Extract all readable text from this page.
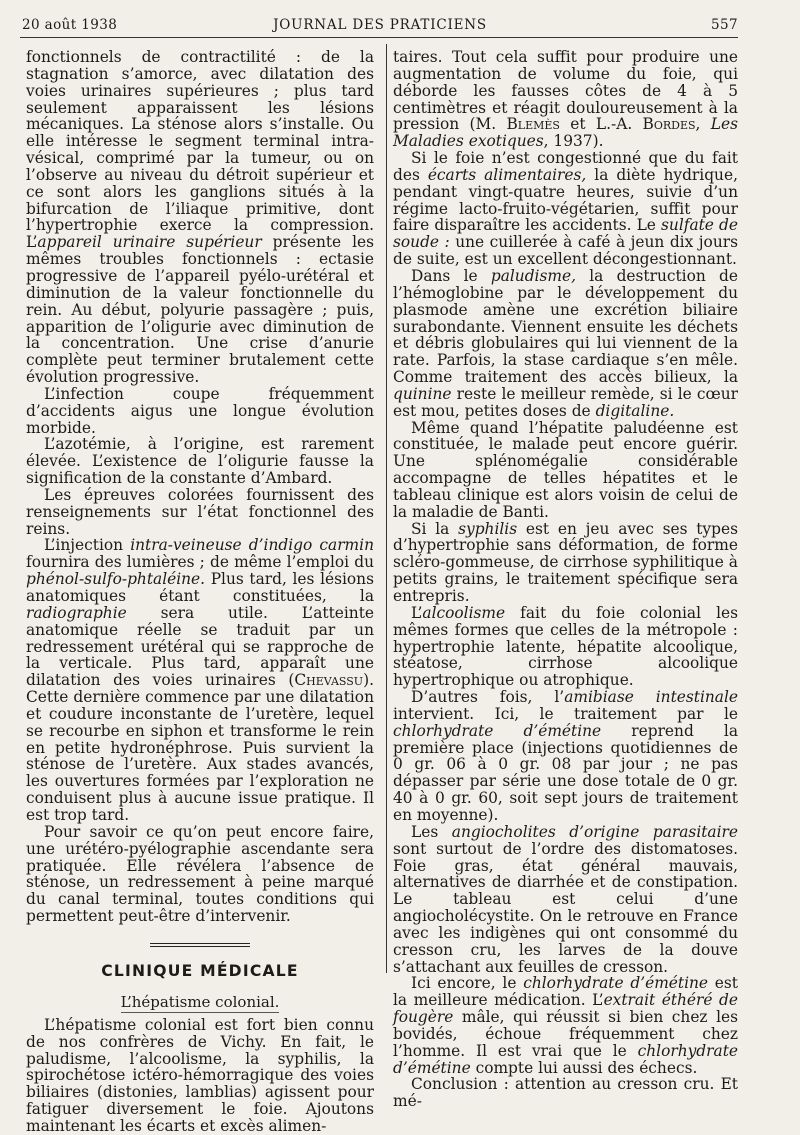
20 août 1938	JOURNAL DES PRATICIENS	557

fonctionnels de contractilité : de la stagnation s’amorce, avec dilatation des voies urinaires supérieures ; plus tard seulement apparaissent les lésions mécaniques. La sténose alors s’installe. Ou elle intéresse le segment terminal intra-vésical, comprimé par la tumeur, ou on l’observe au niveau du détroit supérieur et ce sont alors les ganglions situés à la bifurcation de l’iliaque primitive, dont l’hypertrophie exerce la compression. L’appareil urinaire supérieur présente les mêmes troubles fonctionnels : ectasie progressive de l’appareil pyélo-urétéral et diminution de la valeur fonctionnelle du rein. Au début, polyurie passagère ; puis, apparition de l’oligurie avec diminution de la concentration. Une crise d’anurie complète peut terminer brutalement cette évolution progressive.

L’infection coupe fréquemment d’accidents aigus une longue évolution morbide.

L’azotémie, à l’origine, est rarement élevée. L’existence de l’oligurie fausse la signification de la constante d’Ambard.

Les épreuves colorées fournissent des renseignements sur l’état fonctionnel des reins.

L’injection intra-veineuse d’indigo carmin fournira des lumières ; de même l’emploi du phénol-sulfo-phtaléine. Plus tard, les lésions anatomiques étant constituées, la radiographie sera utile. L’atteinte anatomique réelle se traduit par un redressement urétéral qui se rapproche de la verticale. Plus tard, apparaît une dilatation des voies urinaires (Chevassu). Cette dernière commence par une dilatation et coudure inconstante de l’uretère, lequel se recourbe en siphon et transforme le rein en petite hydronéphrose. Puis survient la sténose de l’uretère. Aux stades avancés, les ouvertures formées par l’exploration ne conduisent plus à aucune issue pratique. Il est trop tard.

Pour savoir ce qu’on peut encore faire, une urétéro-pyélographie ascendante sera pratiquée. Elle révélera l’absence de sténose, un redressement à peine marqué du canal terminal, toutes conditions qui permettent peut-être d’intervenir.

CLINIQUE MÉDICALE
L’hépatisme colonial.

L’hépatisme colonial est fort bien connu de nos confrères de Vichy. En fait, le paludisme, l’alcoolisme, la syphilis, la spirochétose ictéro-hémorragique des voies biliaires (distonies, lamblias) agissent pour fatiguer diversement le foie. Ajoutons maintenant les écarts et excès alimen-

taires. Tout cela suffit pour produire une augmentation de volume du foie, qui déborde les fausses côtes de 4 à 5 centimètres et réagit douloureusement à la pression (M. Blemès et L.-A. Bordes, Les Maladies exotiques, 1937).

Si le foie n’est congestionné que du fait des écarts alimentaires, la diète hydrique, pendant vingt-quatre heures, suivie d’un régime lacto-fruito-végétarien, suffit pour faire disparaître les accidents. Le sulfate de soude : une cuillerée à café à jeun dix jours de suite, est un excellent décongestionnant.

Dans le paludisme, la destruction de l’hémoglobine par le développement du plasmode amène une excrétion biliaire surabondante. Viennent ensuite les déchets et débris globulaires qui lui viennent de la rate. Parfois, la stase cardiaque s’en mêle. Comme traitement des accès bilieux, la quinine reste le meilleur remède, si le cœur est mou, petites doses de digitaline.

Même quand l’hépatite paludéenne est constituée, le malade peut encore guérir. Une splénomégalie considérable accompagne de telles hépatites et le tableau clinique est alors voisin de celui de la maladie de Banti.

Si la syphilis est en jeu avec ses types d’hypertrophie sans déformation, de forme scléro-gommeuse, de cirrhose syphilitique à petits grains, le traitement spécifique sera entrepris.

L’alcoolisme fait du foie colonial les mêmes formes que celles de la métropole : hypertrophie latente, hépatite alcoolique, stéatose, cirrhose alcoolique hypertrophique ou atrophique.

D’autres fois, l’amibiase intestinale intervient. Ici, le traitement par le chlorhydrate d’émétine reprend la première place (injections quotidiennes de 0 gr. 06 à 0 gr. 08 par jour ; ne pas dépasser par série une dose totale de 0 gr. 40 à 0 gr. 60, soit sept jours de traitement en moyenne).

Les angiocholites d’origine parasitaire sont surtout de l’ordre des distomatoses. Foie gras, état général mauvais, alternatives de diarrhée et de constipation. Le tableau est celui d’une angiocholécystite. On le retrouve en France avec les indigènes qui ont consommé du cresson cru, les larves de la douve s’attachant aux feuilles de cresson.

Ici encore, le chlorhydrate d’émétine est la meilleure médication. L’extrait éthéré de fougère mâle, qui réussit si bien chez les bovidés, échoue fréquemment chez l’homme. Il est vrai que le chlorhydrate d’émétine compte lui aussi des échecs.

Conclusion : attention au cresson cru. Et mé-
